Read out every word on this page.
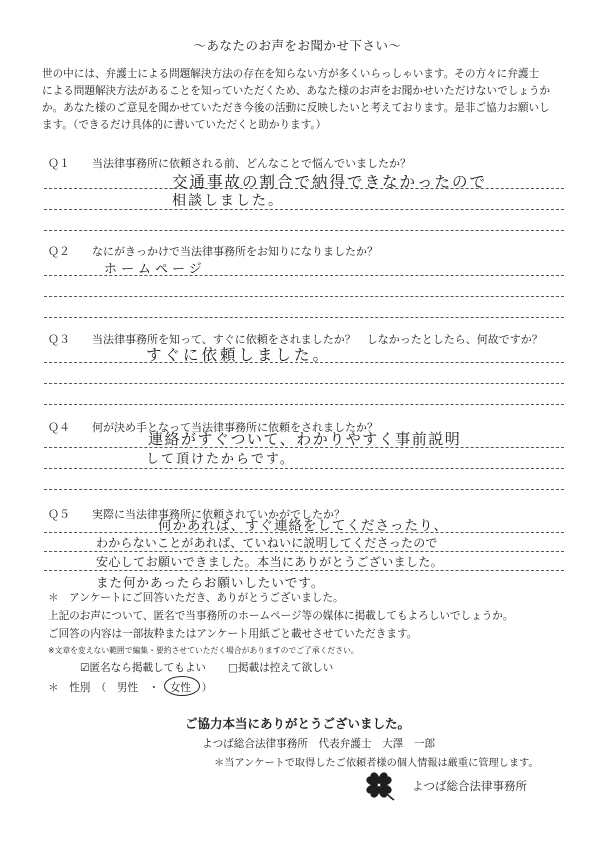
～あなたのお声をお聞かせ下さい～

世の中には、弁護士による問題解決方法の存在を知らない方が多くいらっしゃいます。その方々に弁護士

による問題解決方法があることを知っていただくため、あなた様のお声をお聞かせいただけないでしょうか

か。あなた様のご意見を聞かせていただき今後の活動に反映したいと考えております。是非ご協力お願いし

ます。（できるだけ具体的に書いていただくと助かります。）

Ｑ１ 当法律事務所に依頼される前、どんなことで悩んでいましたか？
交通事故の割合で納得できなかったので
相談しました。
Ｑ２ なにがきっかけで当法律事務所をお知りになりましたか？
ホームページ
Ｑ３ 当法律事務所を知って、すぐに依頼をされましたか？　しなかったとしたら、何故ですか？
すぐに依頼しました。
Ｑ４ 何が決め手となって当法律事務所に依頼をされましたか？
連絡がすぐついて、わかりやすく事前説明
して頂けたからです。
Ｑ５ 実際に当法律事務所に依頼されていかがでしたか？
何かあれば、すぐ連絡をしてくださったり、
わからないことがあれば、ていねいに説明してくださったので
安心してお願いできました。本当にありがとうございました。
また何かあったらお願いしたいです。
＊　アンケートにご回答いただき、ありがとうございました。
上記のお声について、匿名で当事務所のホームページ等の媒体に掲載してもよろしいでしょうか。
ご回答の内容は一部抜粋またはアンケート用紙ごと載せさせていただきます。
※文章を変えない範囲で編集・要約させていただく場合がありますのでご了承ください。
☑匿名なら掲載してもよい □掲載は控えて欲しい
＊　性別　（　男性　・　女性　）
ご協力本当にありがとうございました。
よつば総合法律事務所　代表弁護士　大澤　一郎
＊当アンケートで取得したご依頼者様の個人情報は厳重に管理します。
よつば総合法律事務所
